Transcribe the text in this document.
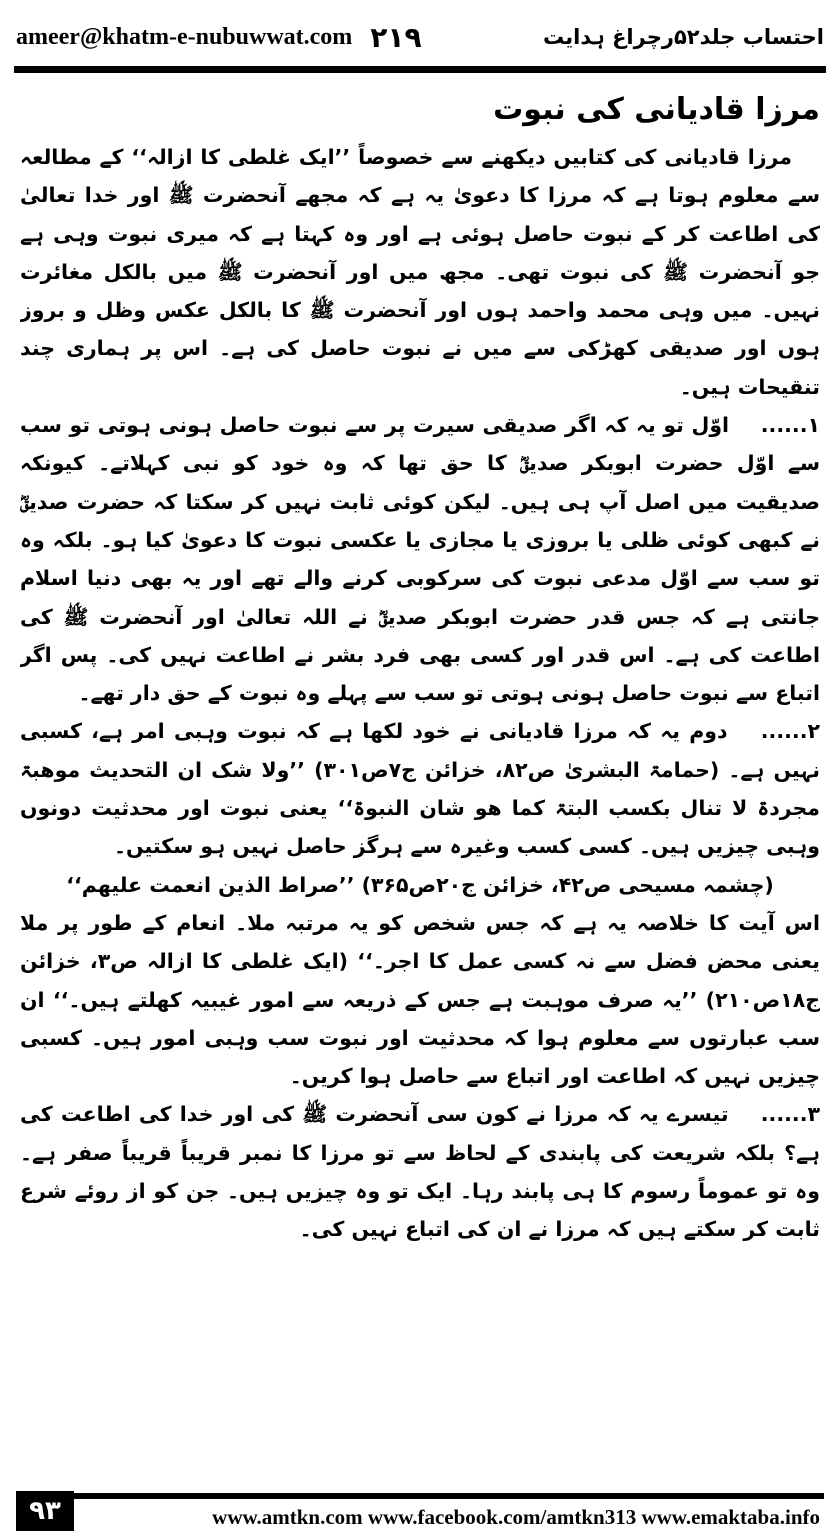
ameer@khatm-e-nubuwwat.com ۲۱۹	احتساب جلد۵۲رچراغ ہدایت
مرزا قادیانی کی نبوت

مرزا قادیانی کی کتابیں دیکھنے سے خصوصاً ’’ایک غلطی کا ازالہ‘‘ کے مطالعہ سے معلوم ہوتا ہے کہ مرزا کا دعویٰ یہ ہے کہ مجھے آنحضرت ﷺ اور خدا تعالیٰ کی اطاعت کر کے نبوت حاصل ہوئی ہے اور وہ کہتا ہے کہ میری نبوت وہی ہے جو آنحضرت ﷺ کی نبوت تھی۔ مجھ میں اور آنحضرت ﷺ میں بالکل مغائرت نہیں۔ میں وہی محمد واحمد ہوں اور آنحضرت ﷺ کا بالکل عکس وظل و بروز ہوں اور صدیقی کھڑکی سے میں نے نبوت حاصل کی ہے۔ اس پر ہماری چند تنقیحات ہیں۔

۱...... اوّل تو یہ کہ اگر صدیقی سیرت پر سے نبوت حاصل ہونی ہوتی تو سب سے اوّل حضرت ابوبکر صدیقؓ کا حق تھا کہ وہ خود کو نبی کہلاتے۔ کیونکہ صدیقیت میں اصل آپ ہی ہیں۔ لیکن کوئی ثابت نہیں کر سکتا کہ حضرت صدیقؓ نے کبھی کوئی ظلی یا بروزی یا مجازی یا عکسی نبوت کا دعویٰ کیا ہو۔ بلکہ وہ تو سب سے اوّل مدعی نبوت کی سرکوبی کرنے والے تھے اور یہ بھی دنیا اسلام جانتی ہے کہ جس قدر حضرت ابوبکر صدیقؓ نے اللہ تعالیٰ اور آنحضرت ﷺ کی اطاعت کی ہے۔ اس قدر اور کسی بھی فرد بشر نے اطاعت نہیں کی۔ پس اگر اتباع سے نبوت حاصل ہونی ہوتی تو سب سے پہلے وہ نبوت کے حق دار تھے۔

۲...... دوم یہ کہ مرزا قادیانی نے خود لکھا ہے کہ نبوت وہبی امر ہے، کسبی نہیں ہے۔ (حمامۃ البشریٰ ص۸۲، خزائن ج۷ص۳۰۱) ’’ولا شک ان التحدیث موھبۃ مجردۃ لا تنال بکسب البتۃ کما ھو شان النبوۃ‘‘ یعنی نبوت اور محدثیت دونوں وہبی چیزیں ہیں۔ کسی کسب وغیرہ سے ہرگز حاصل نہیں ہو سکتیں۔

(چشمہ مسیحی ص۴۲، خزائن ج۲۰ص۳۶۵) ’’صراط الذین انعمت علیھم‘‘

اس آیت کا خلاصہ یہ ہے کہ جس شخص کو یہ مرتبہ ملا۔ انعام کے طور پر ملا یعنی محض فضل سے نہ کسی عمل کا اجر۔‘‘ (ایک غلطی کا ازالہ ص۳، خزائن ج۱۸ص۲۱۰) ’’یہ صرف موہبت ہے جس کے ذریعہ سے امور غیبیہ کھلتے ہیں۔‘‘ ان سب عبارتوں سے معلوم ہوا کہ محدثیت اور نبوت سب وہبی امور ہیں۔ کسبی چیزیں نہیں کہ اطاعت اور اتباع سے حاصل ہوا کریں۔

۳...... تیسرے یہ کہ مرزا نے کون سی آنحضرت ﷺ کی اور خدا کی اطاعت کی ہے؟ بلکہ شریعت کی پابندی کے لحاظ سے تو مرزا کا نمبر قریباً قریباً صفر ہے۔ وہ تو عموماً رسوم کا ہی پابند رہا۔ ایک تو وہ چیزیں ہیں۔ جن کو از روئے شرع ثابت کر سکتے ہیں کہ مرزا نے ان کی اتباع نہیں کی۔

۹۳	www.amtkn.com www.facebook.com/amtkn313 www.emaktaba.info
